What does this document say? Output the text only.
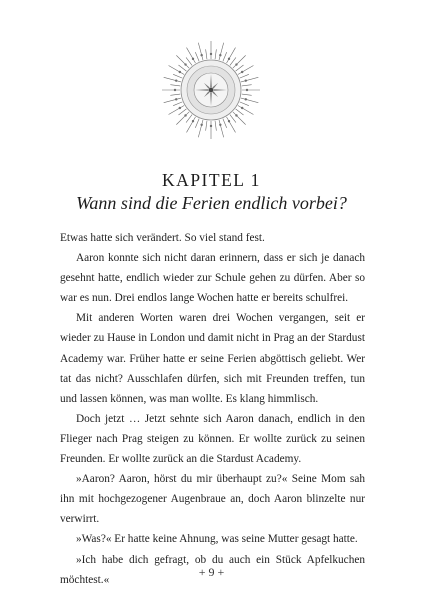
KAPITEL 1
Wann sind die Ferien endlich vorbei?

Etwas hatte sich verändert. So viel stand fest.

Aaron konnte sich nicht daran erinnern, dass er sich je danach gesehnt hatte, endlich wieder zur Schule gehen zu dürfen. Aber so war es nun. Drei endlos lange Wochen hatte er bereits schulfrei.

Mit anderen Worten waren drei Wochen vergangen, seit er wieder zu Hause in London und damit nicht in Prag an der Stardust Academy war. Früher hatte er seine Ferien abgöttisch geliebt. Wer tat das nicht? Ausschlafen dürfen, sich mit Freunden treffen, tun und lassen können, was man wollte. Es klang himmlisch.

Doch jetzt … Jetzt sehnte sich Aaron danach, endlich in den Flieger nach Prag steigen zu können. Er wollte zurück zu seinen Freunden. Er wollte zurück an die Stardust Academy.

»Aaron? Aaron, hörst du mir überhaupt zu?« Seine Mom sah ihn mit hochgezogener Augenbraue an, doch Aaron blinzelte nur verwirrt.

»Was?« Er hatte keine Ahnung, was seine Mutter gesagt hatte.

»Ich habe dich gefragt, ob du auch ein Stück Apfelkuchen möchtest.«

+ 9 +
